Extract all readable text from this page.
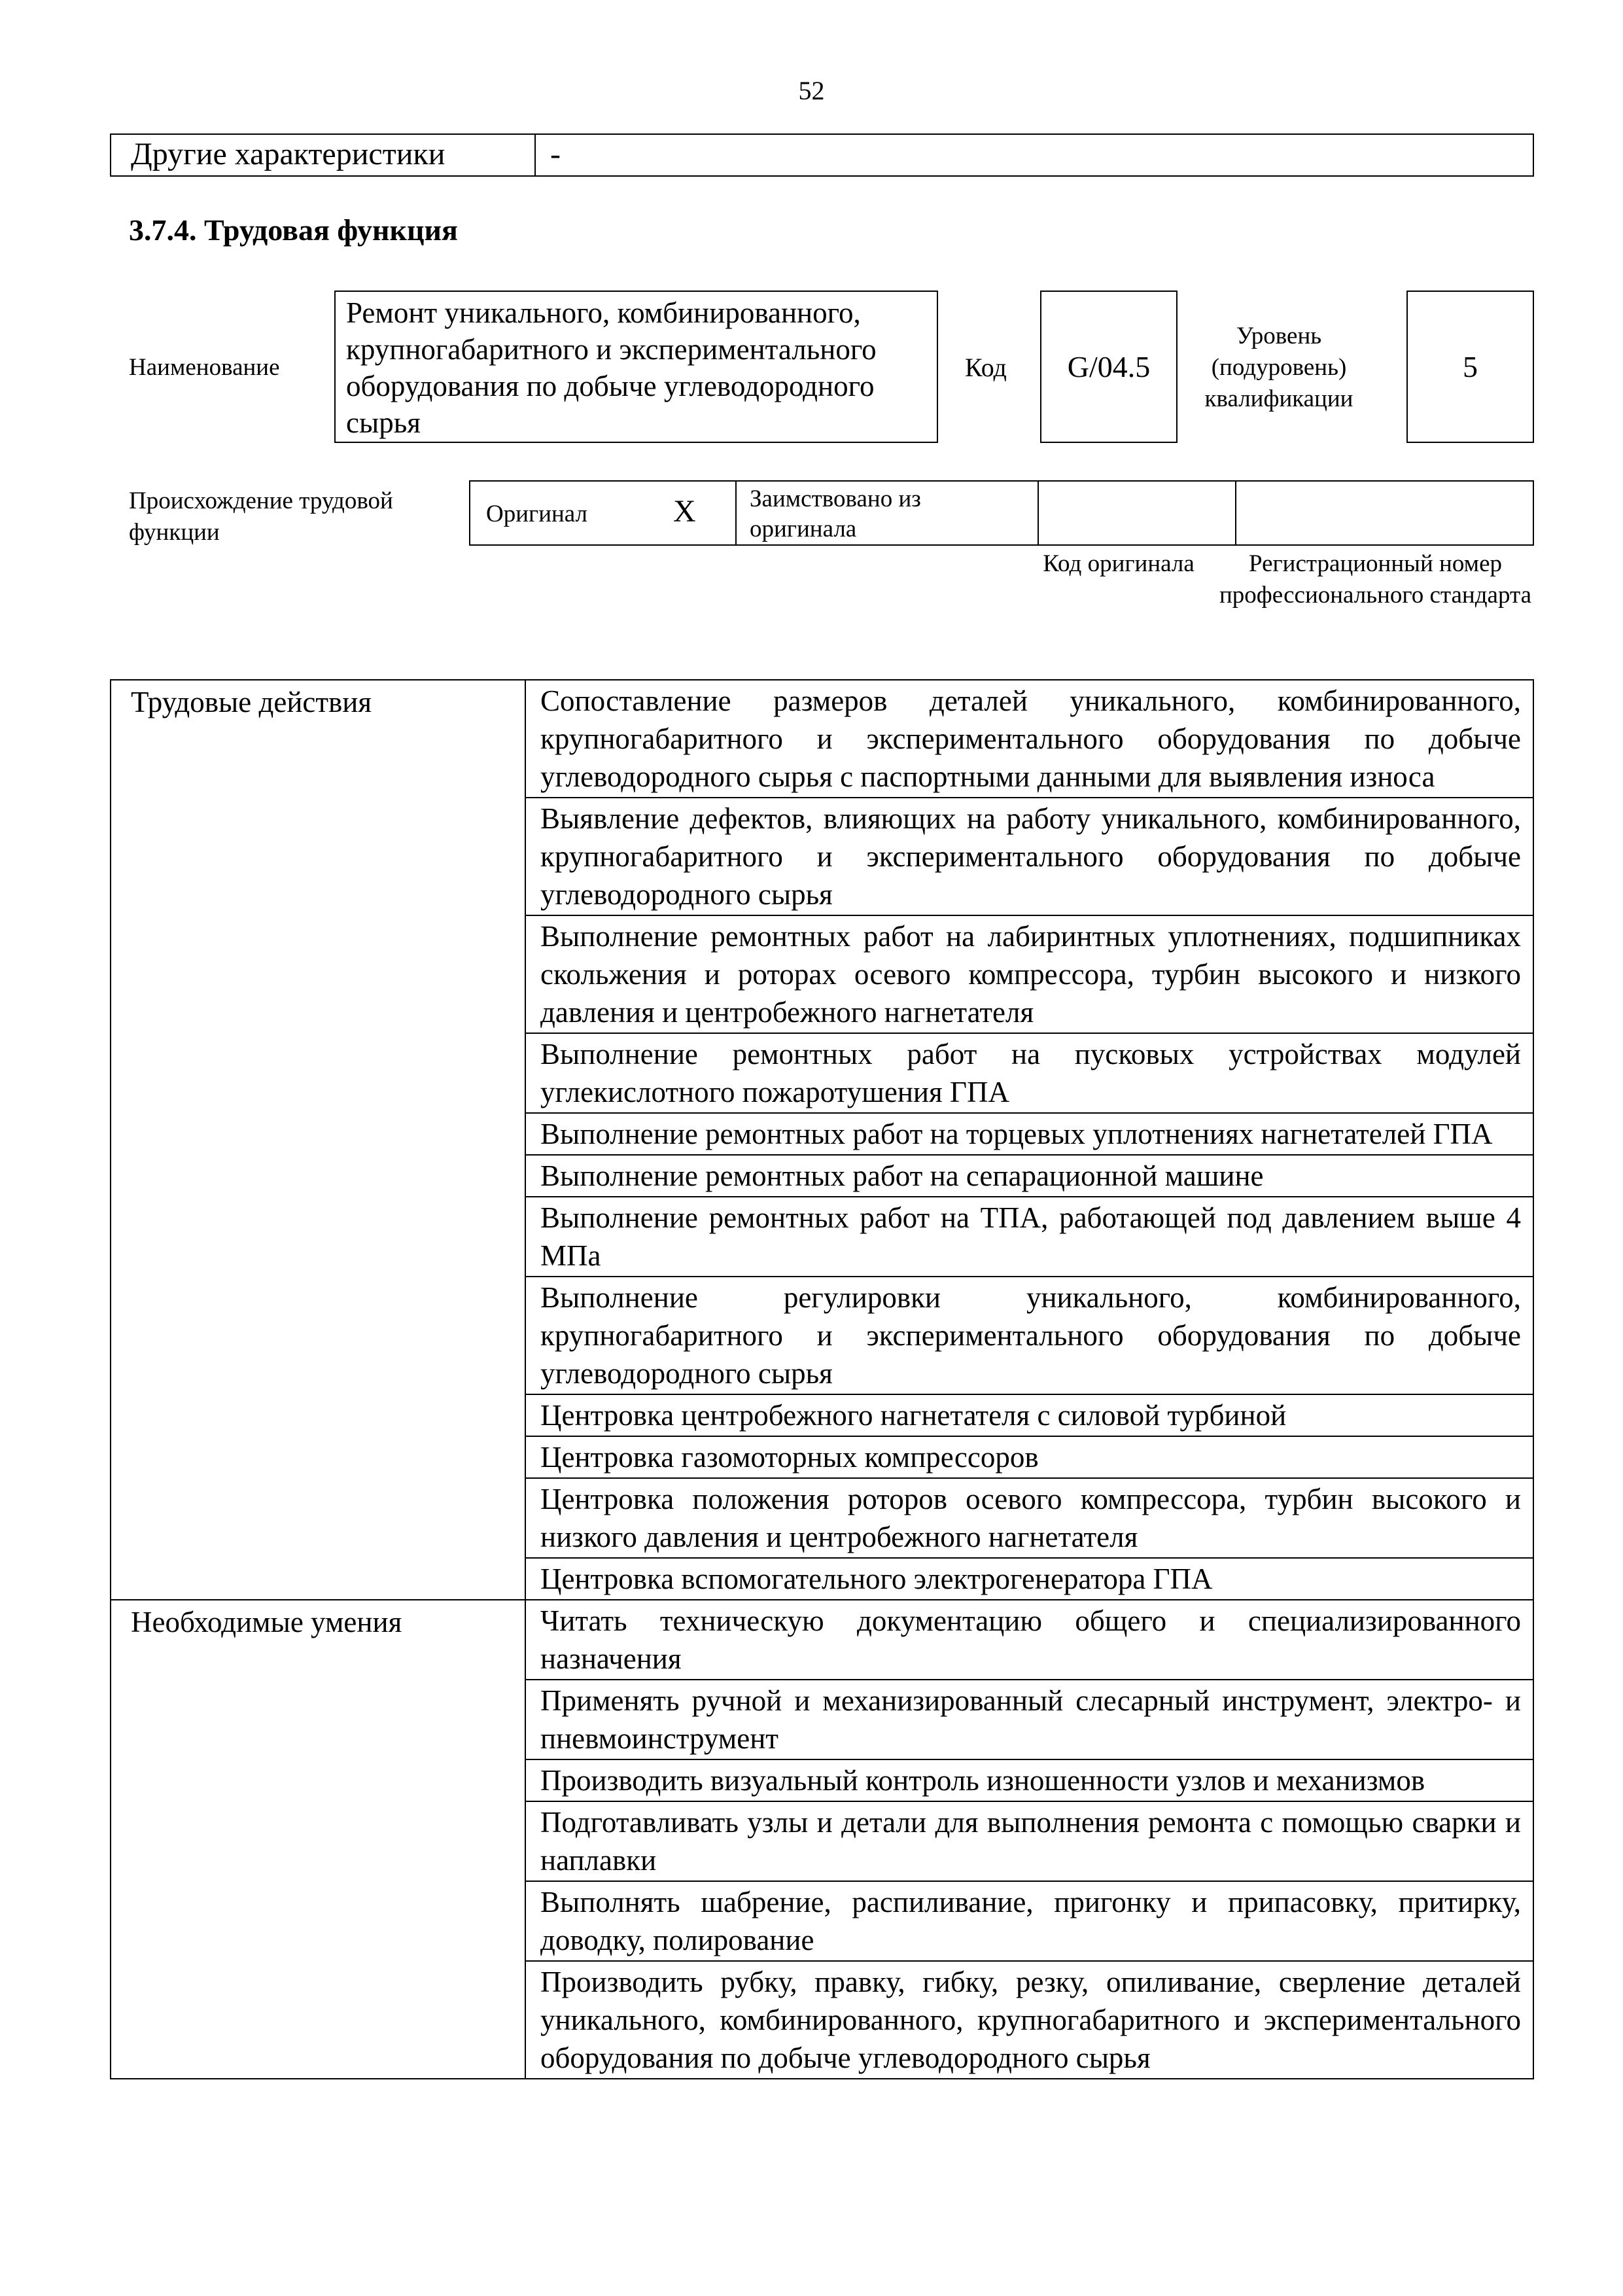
52
Другие характеристики	-
3.7.4. Трудовая функция
Наименование
Ремонт уникального, комбинированного, крупногабаритного и экспериментального оборудования по добыче углеводородного сырья
Код	G/04.5
Уровень (подуровень) квалификации
5
Происхождение трудовой функции
Оригинал	X	Заимствовано из оригинала		
Код оригинала	Регистрационный номер профессионального стандарта
Трудовые действия	Сопоставление размеров деталей уникального, комбинированного, крупногабаритного и экспериментального оборудования по добыче углеводородного сырья с паспортными данными для выявления износа
	Выявление дефектов, влияющих на работу уникального, комбинированного, крупногабаритного и экспериментального оборудования по добыче углеводородного сырья
	Выполнение ремонтных работ на лабиринтных уплотнениях, подшипниках скольжения и роторах осевого компрессора, турбин высокого и низкого давления и центробежного нагнетателя
	Выполнение ремонтных работ на пусковых устройствах модулей углекислотного пожаротушения ГПА
	Выполнение ремонтных работ на торцевых уплотнениях нагнетателей ГПА
	Выполнение ремонтных работ на сепарационной машине
	Выполнение ремонтных работ на ТПА, работающей под давлением выше 4 МПа
	Выполнение регулировки уникального, комбинированного, крупногабаритного и экспериментального оборудования по добыче углеводородного сырья
	Центровка центробежного нагнетателя с силовой турбиной
	Центровка газомоторных компрессоров
	Центровка положения роторов осевого компрессора, турбин высокого и низкого давления и центробежного нагнетателя
	Центровка вспомогательного электрогенератора ГПА
Необходимые умения	Читать техническую документацию общего и специализированного назначения
	Применять ручной и механизированный слесарный инструмент, электро- и пневмоинструмент
	Производить визуальный контроль изношенности узлов и механизмов
	Подготавливать узлы и детали для выполнения ремонта с помощью сварки и наплавки
	Выполнять шабрение, распиливание, пригонку и припасовку, притирку, доводку, полирование
	Производить рубку, правку, гибку, резку, опиливание, сверление деталей уникального, комбинированного, крупногабаритного и экспериментального оборудования по добыче углеводородного сырья
